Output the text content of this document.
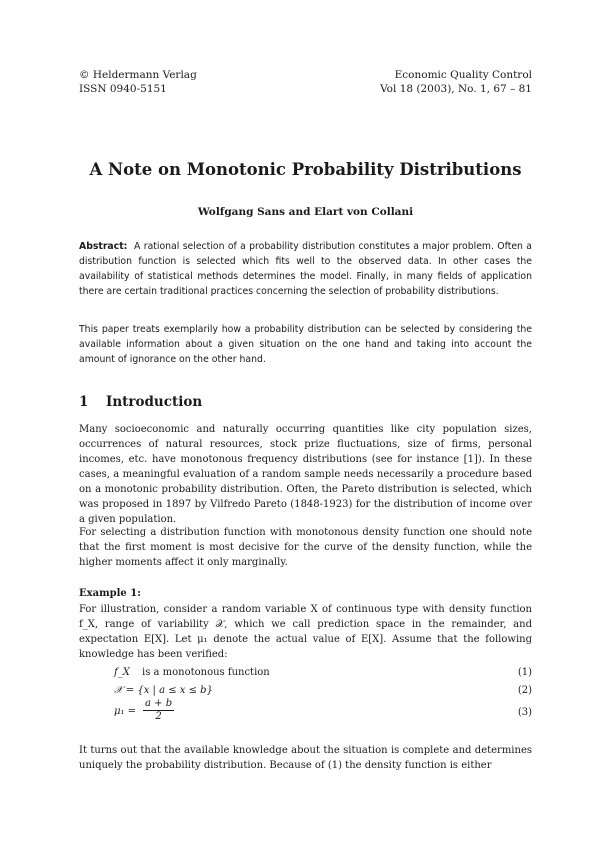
© Heldermann Verlag
ISSN 0940-5151
Economic Quality Control
Vol 18 (2003), No. 1, 67 – 81
A Note on Monotonic Probability Distributions
Wolfgang Sans and Elart von Collani
Abstract: A rational selection of a probability distribution constitutes a major problem. Often a distribution function is selected which fits well to the observed data. In other cases the availability of statistical methods determines the model. Finally, in many fields of application there are certain traditional practices concerning the selection of probability distributions.
This paper treats exemplarily how a probability distribution can be selected by considering the available information about a given situation on the one hand and taking into account the amount of ignorance on the other hand.
1 Introduction
Many socioeconomic and naturally occurring quantities like city population sizes, occurrences of natural resources, stock prize fluctuations, size of firms, personal incomes, etc. have monotonous frequency distributions (see for instance [1]). In these cases, a meaningful evaluation of a random sample needs necessarily a procedure based on a monotonic probability distribution. Often, the Pareto distribution is selected, which was proposed in 1897 by Vilfredo Pareto (1848-1923) for the distribution of income over a given population.
For selecting a distribution function with monotonous density function one should note that the first moment is most decisive for the curve of the density function, while the higher moments affect it only marginally.
Example 1:
For illustration, consider a random variable X of continuous type with density function f_X, range of variability 𝒳, which we call prediction space in the remainder, and expectation E[X]. Let μ₁ denote the actual value of E[X]. Assume that the following knowledge has been verified:
f_X is a monotonous function	(1)
𝒳 = {x | a ≤ x ≤ b}	(2)
$\mu_1 = \frac{a + b}{2}$	(3)
It turns out that the available knowledge about the situation is complete and determines uniquely the probability distribution. Because of (1) the density function is either
